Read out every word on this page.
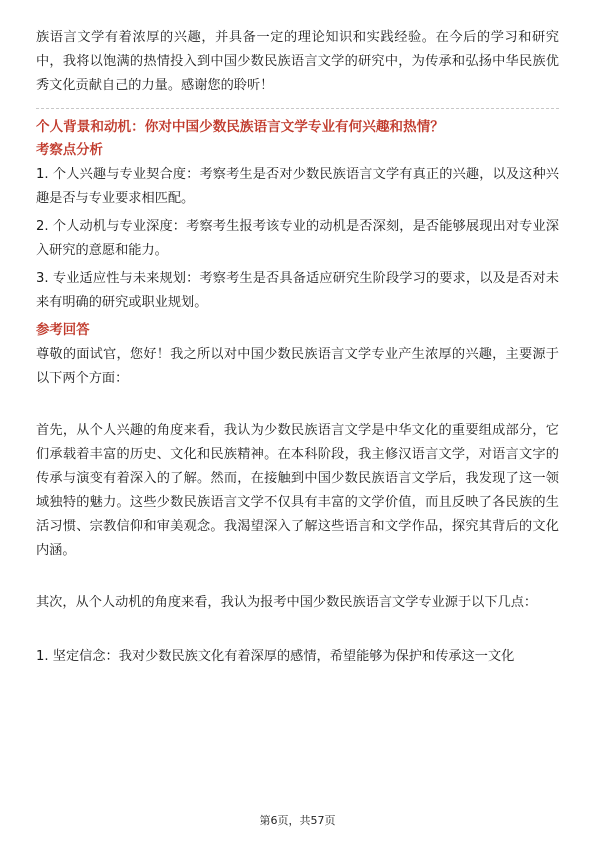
族语言文学有着浓厚的兴趣，并具备一定的理论知识和实践经验。在今后的学习和研究中，我将以饱满的热情投入到中国少数民族语言文学的研究中，为传承和弘扬中华民族优秀文化贡献自己的力量。感谢您的聆听！

个人背景和动机：你对中国少数民族语言文学专业有何兴趣和热情？

考察点分析

1. 个人兴趣与专业契合度：考察考生是否对少数民族语言文学有真正的兴趣，以及这种兴趣是否与专业要求相匹配。

2. 个人动机与专业深度：考察考生报考该专业的动机是否深刻，是否能够展现出对专业深入研究的意愿和能力。

3. 专业适应性与未来规划：考察考生是否具备适应研究生阶段学习的要求，以及是否对未来有明确的研究或职业规划。

参考回答

尊敬的面试官，您好！我之所以对中国少数民族语言文学专业产生浓厚的兴趣，主要源于以下两个方面：

首先，从个人兴趣的角度来看，我认为少数民族语言文学是中华文化的重要组成部分，它们承载着丰富的历史、文化和民族精神。在本科阶段，我主修汉语言文学，对语言文字的传承与演变有着深入的了解。然而，在接触到中国少数民族语言文学后，我发现了这一领域独特的魅力。这些少数民族语言文学不仅具有丰富的文学价值，而且反映了各民族的生活习惯、宗教信仰和审美观念。我渴望深入了解这些语言和文学作品，探究其背后的文化内涵。

其次，从个人动机的角度来看，我认为报考中国少数民族语言文学专业源于以下几点：

1. 坚定信念：我对少数民族文化有着深厚的感情，希望能够为保护和传承这一文化

第6页，共57页
